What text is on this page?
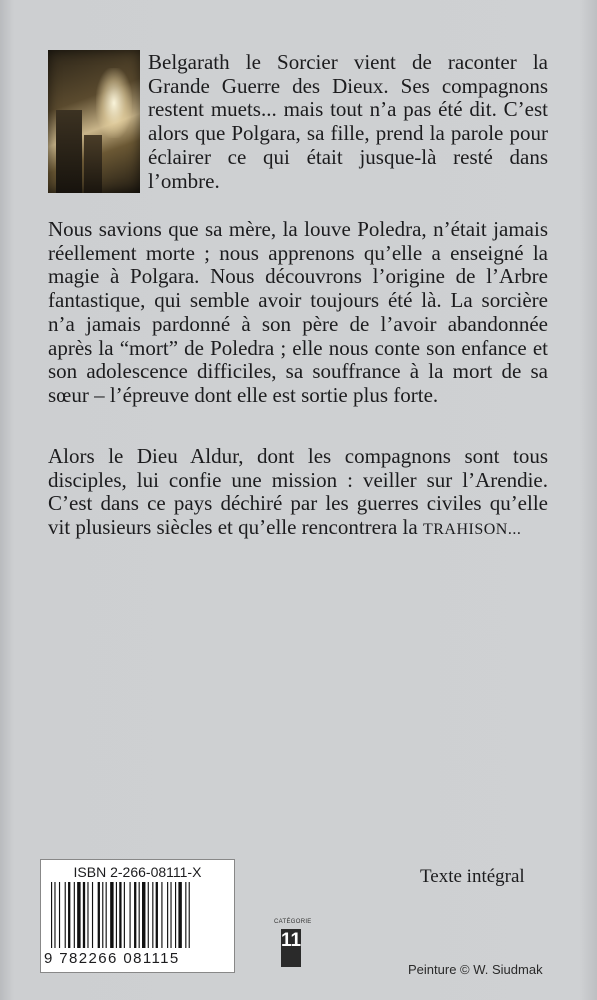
Belgarath le Sorcier vient de raconter la Grande Guerre des Dieux. Ses compagnons restent muets... mais tout n’a pas été dit. C’est alors que Polgara, sa fille, prend la parole pour éclairer ce qui était jusque-là resté dans l’ombre.

Nous savions que sa mère, la louve Poledra, n’était jamais réellement morte ; nous apprenons qu’elle a enseigné la magie à Polgara. Nous découvrons l’origine de l’Arbre fantastique, qui semble avoir toujours été là. La sorcière n’a jamais pardonné à son père de l’avoir abandonnée après la “mort” de Poledra ; elle nous conte son enfance et son adolescence difficiles, sa souffrance à la mort de sa sœur – l’épreuve dont elle est sortie plus forte.

Alors le Dieu Aldur, dont les compagnons sont tous disciples, lui confie une mission : veiller sur l’Arendie. C’est dans ce pays déchiré par les guerres civiles qu’elle vit plusieurs siècles et qu’elle rencontrera la TRAHISON...

Texte intégral
ISBN 2-266-08111-X
9 782266 081115
CATÉGORIE
11
Peinture © W. Siudmak
